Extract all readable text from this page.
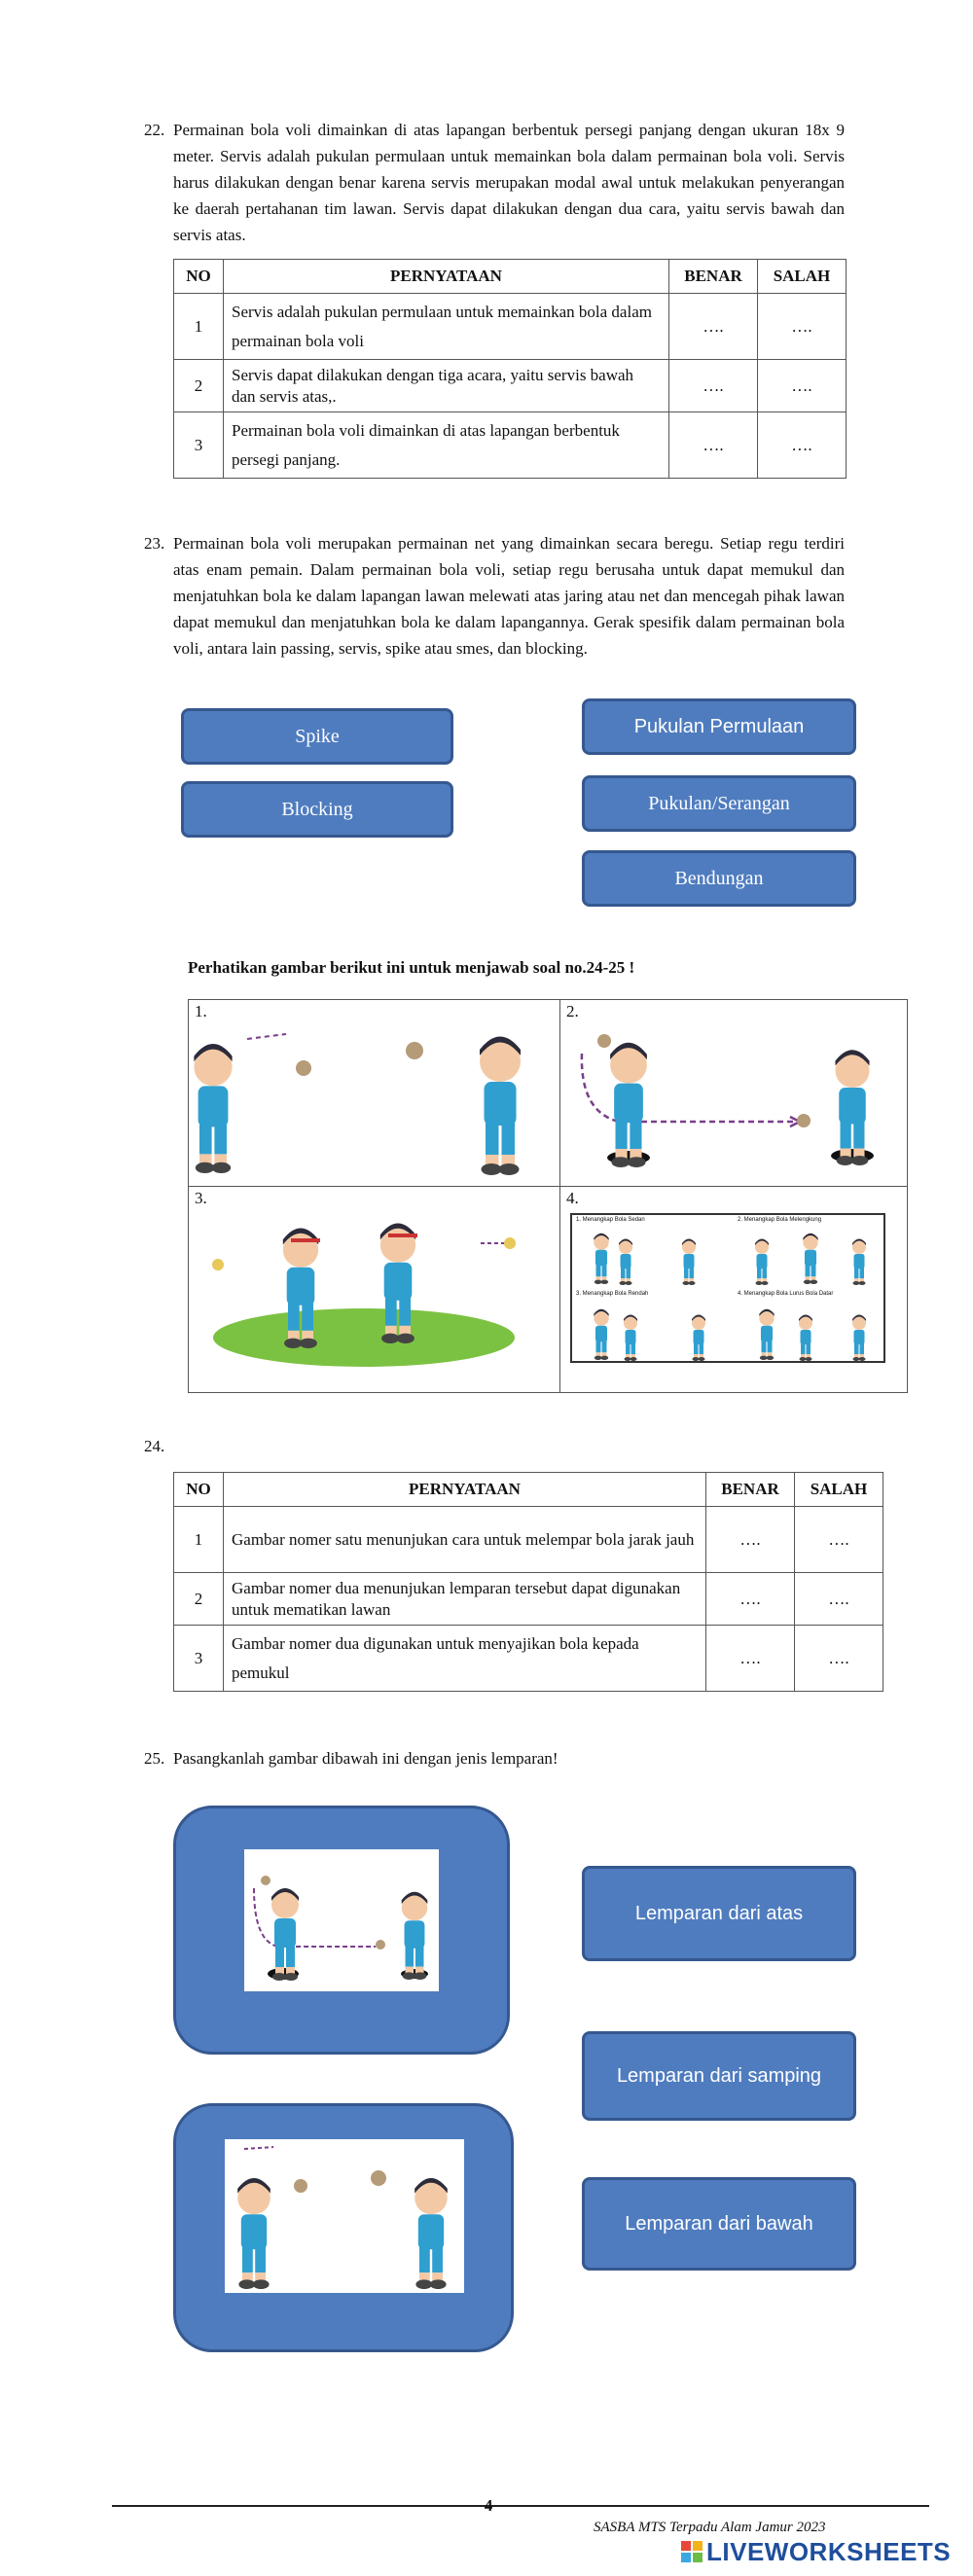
22. Permainan bola voli dimainkan di atas lapangan berbentuk persegi panjang dengan ukuran 18x 9 meter. Servis adalah pukulan permulaan untuk memainkan bola dalam permainan bola voli. Servis harus dilakukan dengan benar karena servis merupakan modal awal untuk melakukan penyerangan ke daerah pertahanan tim lawan. Servis dapat dilakukan dengan dua cara, yaitu servis bawah dan servis atas.
NO	PERNYATAAN	BENAR	SALAH
1	Servis adalah pukulan permulaan untuk memainkan bola dalam permainan bola voli	….	….
2	Servis dapat dilakukan dengan tiga acara, yaitu servis bawah dan servis atas,.	….	….
3	Permainan bola voli dimainkan di atas lapangan berbentuk persegi panjang.	….	….
23. Permainan bola voli merupakan permainan net yang dimainkan secara beregu. Setiap regu terdiri atas enam pemain. Dalam permainan bola voli, setiap regu berusaha untuk dapat memukul dan menjatuhkan bola ke dalam lapangan lawan melewati atas jaring atau net dan mencegah pihak lawan dapat memukul dan menjatuhkan bola ke dalam lapangannya. Gerak spesifik dalam permainan bola voli, antara lain passing, servis, spike atau smes, dan blocking.
Spike
Blocking
Pukulan Permulaan
Pukulan/Serangan
Bendungan
Perhatikan gambar berikut ini untuk menjawab soal no.24-25 !
1.	2.
3.	4.
1. Menangkap Bola Sedan	2. Menangkap Bola Melengkung
3. Menangkap Bola Rendah	4. Menangkap Bola Lurus Bola Datar
24.
NO	PERNYATAAN	BENAR	SALAH
1	Gambar nomer satu menunjukan cara untuk melempar bola jarak jauh	….	….
2	Gambar nomer dua menunjukan lemparan tersebut dapat digunakan untuk mematikan lawan	….	….
3	Gambar nomer dua digunakan untuk menyajikan bola kepada pemukul	….	….
25. Pasangkanlah gambar dibawah ini dengan jenis lemparan!
Lemparan dari atas
Lemparan dari samping
Lemparan dari bawah
4
SASBA MTS Terpadu Alam Jamur 2023
LIVEWORKSHEETS
